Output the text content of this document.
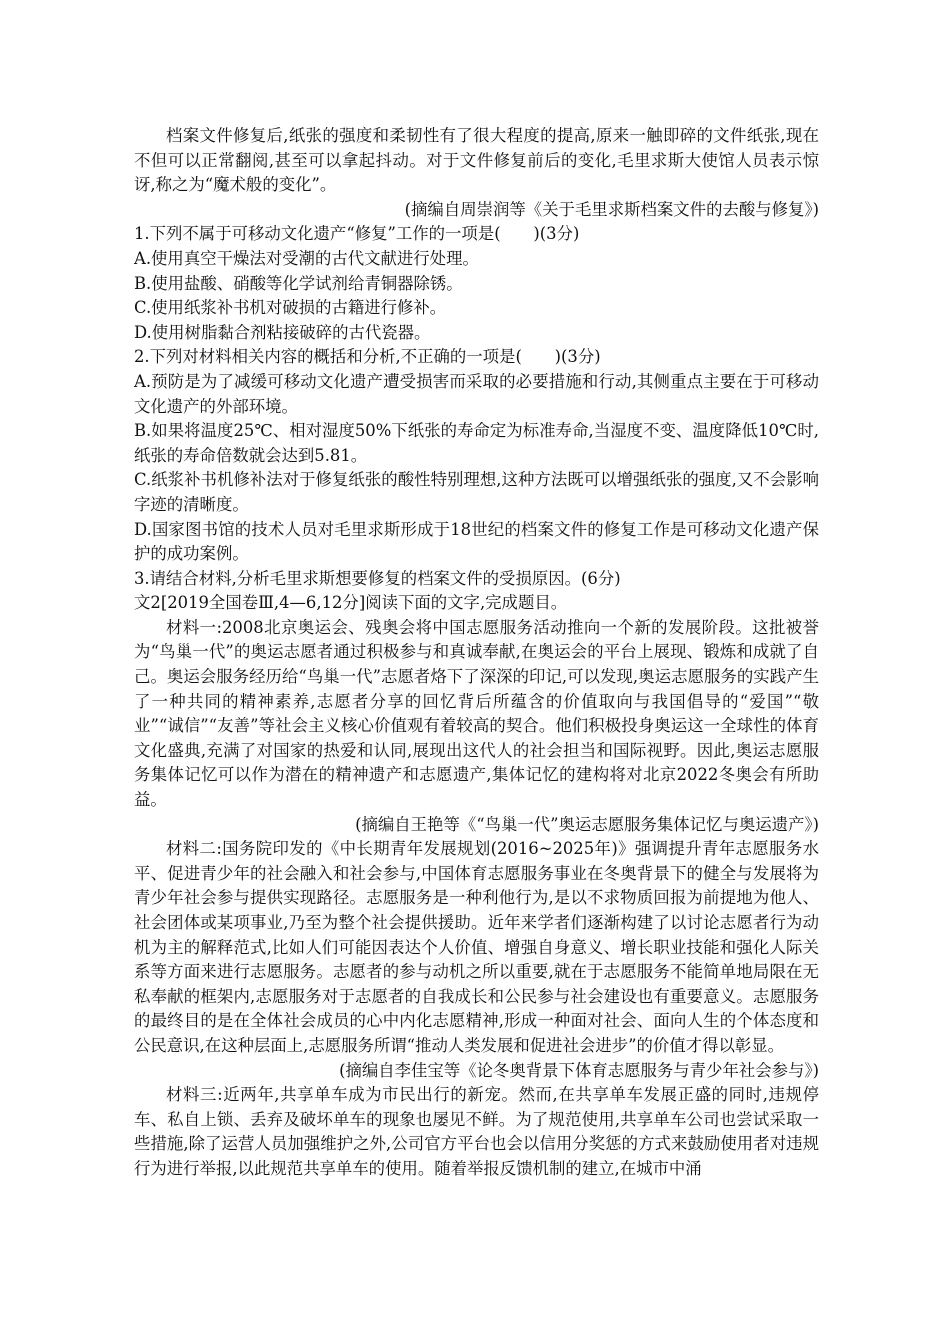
档案文件修复后,纸张的强度和柔韧性有了很大程度的提高,原来一触即碎的文件纸张,现在不但可以正常翻阅,甚至可以拿起抖动。对于文件修复前后的变化,毛里求斯大使馆人员表示惊讶,称之为“魔术般的变化”。

(摘编自周崇润等《关于毛里求斯档案文件的去酸与修复》)

1.下列不属于可移动文化遗产“修复”工作的一项是(　　)(3分)

A.使用真空干燥法对受潮的古代文献进行处理。

B.使用盐酸、硝酸等化学试剂给青铜器除锈。

C.使用纸浆补书机对破损的古籍进行修补。

D.使用树脂黏合剂粘接破碎的古代瓷器。

2.下列对材料相关内容的概括和分析,不正确的一项是(　　)(3分)

A.预防是为了减缓可移动文化遗产遭受损害而采取的必要措施和行动,其侧重点主要在于可移动文化遗产的外部环境。

B.如果将温度25℃、相对湿度50%下纸张的寿命定为标准寿命,当湿度不变、温度降低10℃时,纸张的寿命倍数就会达到5.81。

C.纸浆补书机修补法对于修复纸张的酸性特别理想,这种方法既可以增强纸张的强度,又不会影响字迹的清晰度。

D.国家图书馆的技术人员对毛里求斯形成于18世纪的档案文件的修复工作是可移动文化遗产保护的成功案例。

3.请结合材料,分析毛里求斯想要修复的档案文件的受损原因。(6分)

文2[2019全国卷Ⅲ,4—6,12分]阅读下面的文字,完成题目。

材料一:2008北京奥运会、残奥会将中国志愿服务活动推向一个新的发展阶段。这批被誉为“鸟巢一代”的奥运志愿者通过积极参与和真诚奉献,在奥运会的平台上展现、锻炼和成就了自己。奥运会服务经历给“鸟巢一代”志愿者烙下了深深的印记,可以发现,奥运志愿服务的实践产生了一种共同的精神素养,志愿者分享的回忆背后所蕴含的价值取向与我国倡导的“爱国”“敬业”“诚信”“友善”等社会主义核心价值观有着较高的契合。他们积极投身奥运这一全球性的体育文化盛典,充满了对国家的热爱和认同,展现出这代人的社会担当和国际视野。因此,奥运志愿服务集体记忆可以作为潜在的精神遗产和志愿遗产,集体记忆的建构将对北京2022冬奥会有所助益。

(摘编自王艳等《“鸟巢一代”奥运志愿服务集体记忆与奥运遗产》)

材料二:国务院印发的《中长期青年发展规划(2016~2025年)》强调提升青年志愿服务水平、促进青少年的社会融入和社会参与,中国体育志愿服务事业在冬奥背景下的健全与发展将为青少年社会参与提供实现路径。志愿服务是一种利他行为,是以不求物质回报为前提地为他人、社会团体或某项事业,乃至为整个社会提供援助。近年来学者们逐渐构建了以讨论志愿者行为动机为主的解释范式,比如人们可能因表达个人价值、增强自身意义、增长职业技能和强化人际关系等方面来进行志愿服务。志愿者的参与动机之所以重要,就在于志愿服务不能简单地局限在无私奉献的框架内,志愿服务对于志愿者的自我成长和公民参与社会建设也有重要意义。志愿服务的最终目的是在全体社会成员的心中内化志愿精神,形成一种面对社会、面向人生的个体态度和公民意识,在这种层面上,志愿服务所谓“推动人类发展和促进社会进步”的价值才得以彰显。

(摘编自李佳宝等《论冬奥背景下体育志愿服务与青少年社会参与》)

材料三:近两年,共享单车成为市民出行的新宠。然而,在共享单车发展正盛的同时,违规停车、私自上锁、丢弃及破坏单车的现象也屡见不鲜。为了规范使用,共享单车公司也尝试采取一些措施,除了运营人员加强维护之外,公司官方平台也会以信用分奖惩的方式来鼓励使用者对违规行为进行举报,以此规范共享单车的使用。随着举报反馈机制的建立,在城市中涌
